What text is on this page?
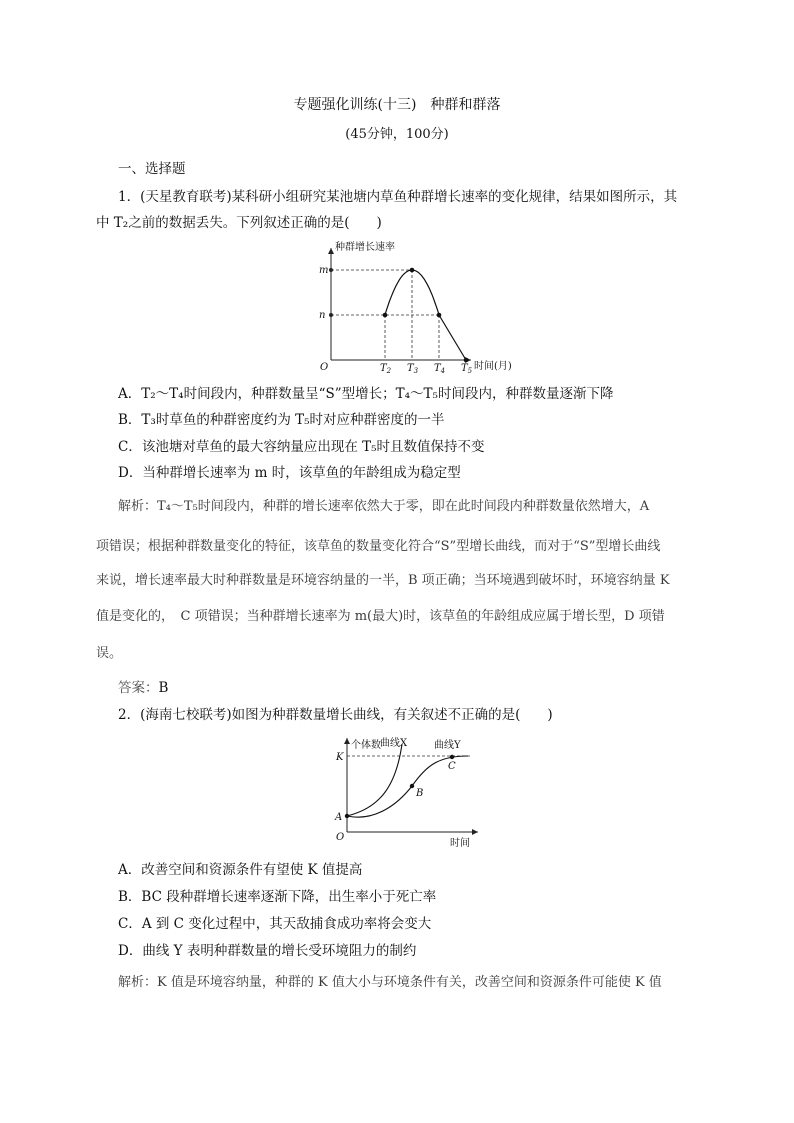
专题强化训练(十三)　种群和群落
(45分钟，100分)
一、选择题
1．(天星教育联考)某科研小组研究某池塘内草鱼种群增长速率的变化规律，结果如图所示，其
中 T₂之前的数据丢失。下列叙述正确的是(　　)
种群增长速率
时间(月)
O
n
m
$T_2$ $T_3$ $T_4$ $T_5$
A．T₂～T₄时间段内，种群数量呈“S”型增长；T₄～T₅时间段内，种群数量逐渐下降
B．T₃时草鱼的种群密度约为 T₅时对应种群密度的一半
C．该池塘对草鱼的最大容纳量应出现在 T₅时且数值保持不变
D．当种群增长速率为 m 时，该草鱼的年龄组成为稳定型
解析：T₄～T₅时间段内，种群的增长速率依然大于零，即在此时间段内种群数量依然增大，A
项错误；根据种群数量变化的特征，该草鱼的数量变化符合“S”型增长曲线，而对于“S”型增长曲线
来说，增长速率最大时种群数量是环境容纳量的一半，B 项正确；当环境遇到破坏时，环境容纳量 K
值是变化的，　C 项错误；当种群增长速率为 m(最大)时，该草鱼的年龄组成应属于增长型，D 项错
误。
答案：B
2．(海南七校联考)如图为种群数量增长曲线，有关叙述不正确的是(　　)
个体数
时间
O
K
曲线X	曲线Y
A
B
C
A．改善空间和资源条件有望使 K 值提高
B．BC 段种群增长速率逐渐下降，出生率小于死亡率
C．A 到 C 变化过程中，其天敌捕食成功率将会变大
D．曲线 Y 表明种群数量的增长受环境阻力的制约
解析：K 值是环境容纳量，种群的 K 值大小与环境条件有关，改善空间和资源条件可能使 K 值
